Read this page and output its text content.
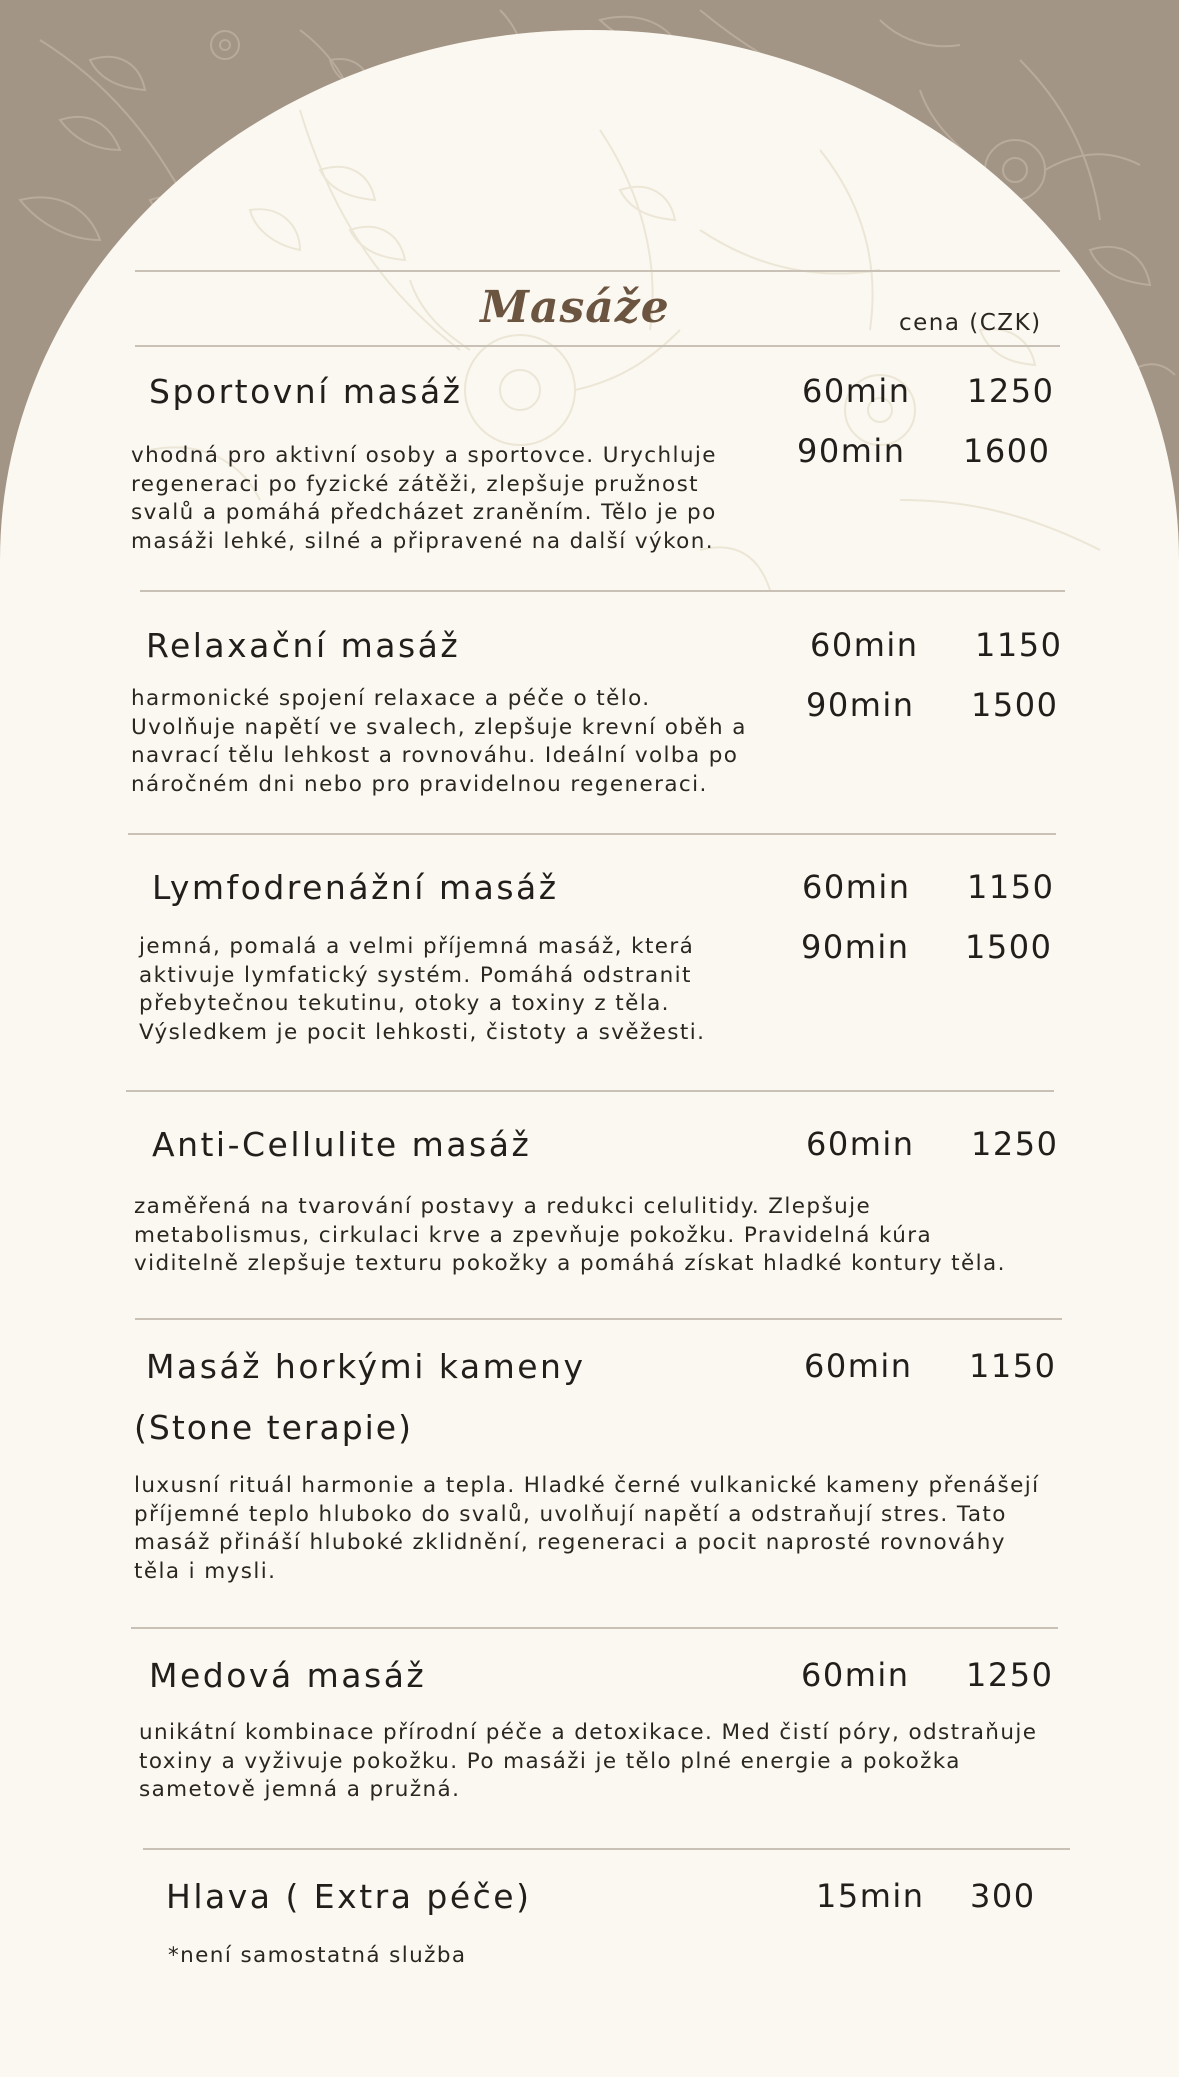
Masáže	cena (CZK)
Sportovní masáž	60min 1250
90min 1600
vhodná pro aktivní osoby a sportovce. Urychluje
regeneraci po fyzické zátěži, zlepšuje pružnost
svalů a pomáhá předcházet zraněním. Tělo je po
masáži lehké, silné a připravené na další výkon.
Relaxační masáž	60min 1150
90min 1500
harmonické spojení relaxace a péče o tělo.
Uvolňuje napětí ve svalech, zlepšuje krevní oběh a
navrací tělu lehkost a rovnováhu. Ideální volba po
náročném dni nebo pro pravidelnou regeneraci.
Lymfodrenážní masáž	60min 1150
90min 1500
jemná, pomalá a velmi příjemná masáž, která
aktivuje lymfatický systém. Pomáhá odstranit
přebytečnou tekutinu, otoky a toxiny z těla.
Výsledkem je pocit lehkosti, čistoty a svěžesti.
Anti-Cellulite masáž	60min 1250
zaměřená na tvarování postavy a redukci celulitidy. Zlepšuje
metabolismus, cirkulaci krve a zpevňuje pokožku. Pravidelná kúra
viditelně zlepšuje texturu pokožky a pomáhá získat hladké kontury těla.
Masáž horkými kameny
(Stone terapie)
60min 1150
luxusní rituál harmonie a tepla. Hladké černé vulkanické kameny přenášejí
příjemné teplo hluboko do svalů, uvolňují napětí a odstraňují stres. Tato
masáž přináší hluboké zklidnění, regeneraci a pocit naprosté rovnováhy
těla i mysli.
Medová masáž	60min 1250
unikátní kombinace přírodní péče a detoxikace. Med čistí póry, odstraňuje
toxiny a vyživuje pokožku. Po masáži je tělo plné energie a pokožka
sametově jemná a pružná.
Hlava ( Extra péče)	15min 300
*není samostatná služba
